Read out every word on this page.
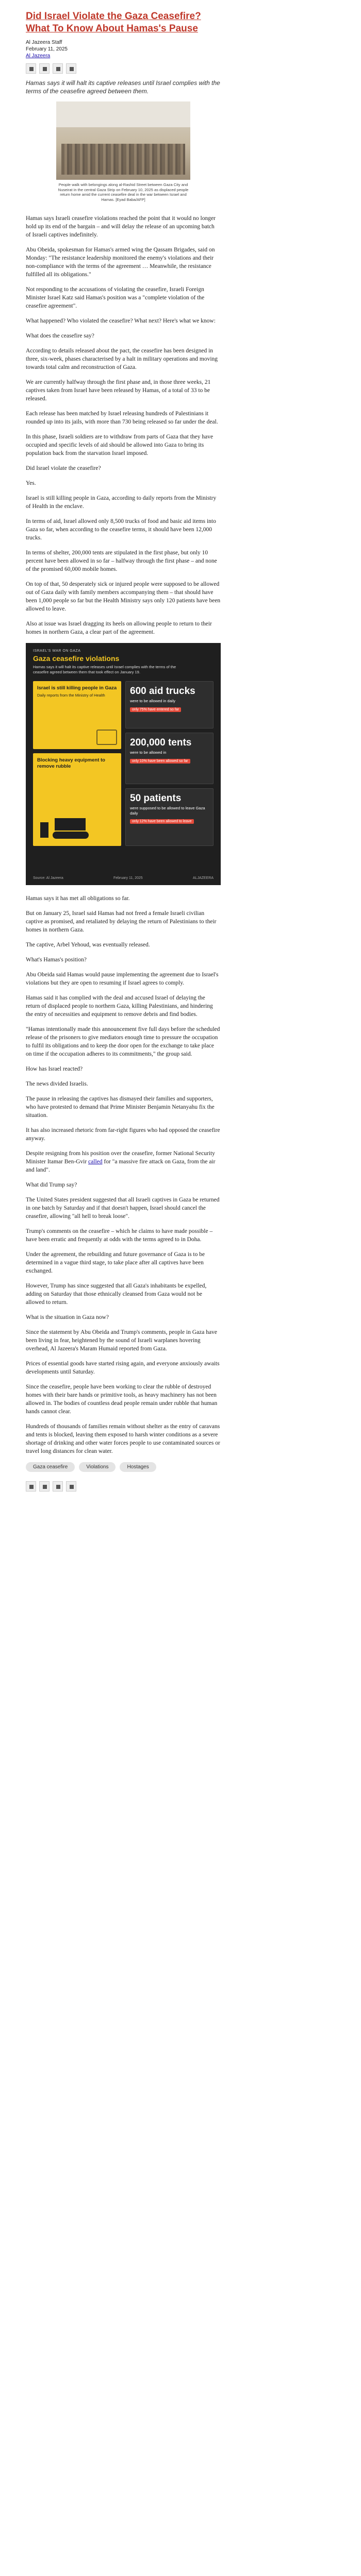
Did Israel Violate the Gaza Ceasefire? What To Know About Hamas's Pause
Al Jazeera Staff
February 11, 2025
Al Jazeera

Hamas says it will halt its captive releases until Israel complies with the terms of the ceasefire agreed between them.

People walk with belongings along al-Rashid Street between Gaza City and Nuseirat in the central Gaza Strip on February 10, 2025 as displaced people return home amid the current ceasefire deal in the war between Israel and Hamas. [Eyad Baba/AFP]

Hamas says Israeli ceasefire violations reached the point that it would no longer hold up its end of the bargain – and will delay the release of an upcoming batch of Israeli captives indefinitely.

Abu Obeida, spokesman for Hamas's armed wing the Qassam Brigades, said on Monday: "The resistance leadership monitored the enemy's violations and their non-compliance with the terms of the agreement … Meanwhile, the resistance fulfilled all its obligations."

Not responding to the accusations of violating the ceasefire, Israeli Foreign Minister Israel Katz said Hamas's position was a "complete violation of the ceasefire agreement".

What happened? Who violated the ceasefire? What next? Here's what we know:

What does the ceasefire say?

According to details released about the pact, the ceasefire has been designed in three, six-week, phases characterised by a halt in military operations and moving towards total calm and reconstruction of Gaza.

We are currently halfway through the first phase and, in those three weeks, 21 captives taken from Israel have been released by Hamas, of a total of 33 to be released.

Each release has been matched by Israel releasing hundreds of Palestinians it rounded up into its jails, with more than 730 being released so far under the deal.

In this phase, Israeli soldiers are to withdraw from parts of Gaza that they have occupied and specific levels of aid should be allowed into Gaza to bring its population back from the starvation Israel imposed.

Did Israel violate the ceasefire?

Yes.

Israel is still killing people in Gaza, according to daily reports from the Ministry of Health in the enclave.

In terms of aid, Israel allowed only 8,500 trucks of food and basic aid items into Gaza so far, when according to the ceasefire terms, it should have been 12,000 trucks.

In terms of shelter, 200,000 tents are stipulated in the first phase, but only 10 percent have been allowed in so far – halfway through the first phase – and none of the promised 60,000 mobile homes.

On top of that, 50 desperately sick or injured people were supposed to be allowed out of Gaza daily with family members accompanying them – that should have been 1,000 people so far but the Health Ministry says only 120 patients have been allowed to leave.

Also at issue was Israel dragging its heels on allowing people to return to their homes in northern Gaza, a clear part of the agreement.

ISRAEL'S WAR ON GAZA
Gaza ceasefire violations
Hamas says it will halt its captive releases until Israel complies with the terms of the ceasefire agreed between them that took effect on January 19.
Israel is still killing people in Gaza
Daily reports from the Ministry of Health
Blocking heavy equipment to remove rubble
600 aid trucks
were to be allowed in daily
only 75% have entered so far
200,000 tents
were to be allowed in
only 10% have been allowed so far
50 patients
were supposed to be allowed to leave Gaza daily
only 12% have been allowed to leave
Source: Al Jazeera	February 11, 2025	ALJAZEERA

Hamas says it has met all obligations so far.

But on January 25, Israel said Hamas had not freed a female Israeli civilian captive as promised, and retaliated by delaying the return of Palestinians to their homes in northern Gaza.

The captive, Arbel Yehoud, was eventually released.

What's Hamas's position?

Abu Obeida said Hamas would pause implementing the agreement due to Israel's violations but they are open to resuming if Israel agrees to comply.

Hamas said it has complied with the deal and accused Israel of delaying the return of displaced people to northern Gaza, killing Palestinians, and hindering the entry of necessities and equipment to remove debris and find bodies.

"Hamas intentionally made this announcement five full days before the scheduled release of the prisoners to give mediators enough time to pressure the occupation to fulfil its obligations and to keep the door open for the exchange to take place on time if the occupation adheres to its commitments," the group said.

How has Israel reacted?

The news divided Israelis.

The pause in releasing the captives has dismayed their families and supporters, who have protested to demand that Prime Minister Benjamin Netanyahu fix the situation.

It has also increased rhetoric from far-right figures who had opposed the ceasefire anyway.

Despite resigning from his position over the ceasefire, former National Security Minister Itamar Ben-Gvir called for "a massive fire attack on Gaza, from the air and land".

What did Trump say?

The United States president suggested that all Israeli captives in Gaza be returned in one batch by Saturday and if that doesn't happen, Israel should cancel the ceasefire, allowing "all hell to break loose".

Trump's comments on the ceasefire – which he claims to have made possible – have been erratic and frequently at odds with the terms agreed to in Doha.

Under the agreement, the rebuilding and future governance of Gaza is to be determined in a vague third stage, to take place after all captives have been exchanged.

However, Trump has since suggested that all Gaza's inhabitants be expelled, adding on Saturday that those ethnically cleansed from Gaza would not be allowed to return.

What is the situation in Gaza now?

Since the statement by Abu Obeida and Trump's comments, people in Gaza have been living in fear, heightened by the sound of Israeli warplanes hovering overhead, Al Jazeera's Maram Humaid reported from Gaza.

Prices of essential goods have started rising again, and everyone anxiously awaits developments until Saturday.

Since the ceasefire, people have been working to clear the rubble of destroyed homes with their bare hands or primitive tools, as heavy machinery has not been allowed in. The bodies of countless dead people remain under rubble that human hands cannot clear.

Hundreds of thousands of families remain without shelter as the entry of caravans and tents is blocked, leaving them exposed to harsh winter conditions as a severe shortage of drinking and other water forces people to use contaminated sources or travel long distances for clean water.

Gaza ceasefire	Violations	Hostages
